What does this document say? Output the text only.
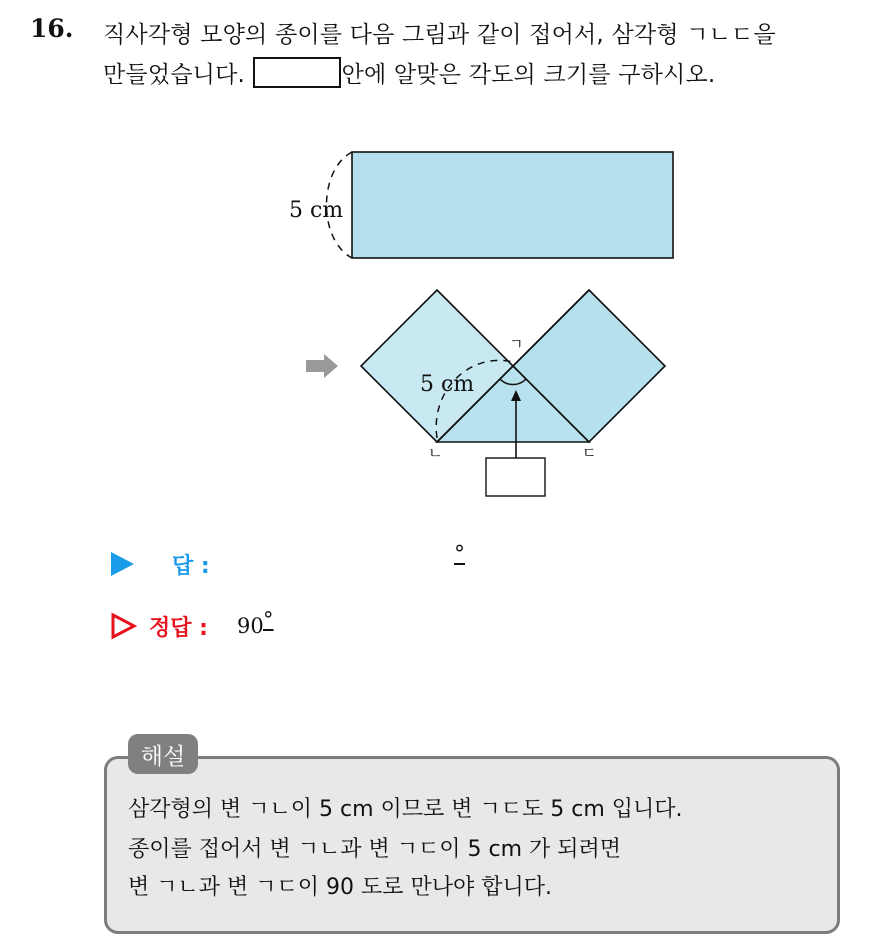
16. 직사각형 모양의 종이를 다음 그림과 같이 접어서, 삼각형 ㄱㄴㄷ을
만들었습니다.	안에 알맞은 각도의 크기를 구하시오.
5 cm
5 cm
ㄱ
ㄴ	ㄷ
답 :	°
정답 : 90 °
해설
삼각형의 변 ㄱㄴ이 5 cm 이므로 변 ㄱㄷ도 5 cm 입니다.
종이를 접어서 변 ㄱㄴ과 변 ㄱㄷ이 5 cm 가 되려면
변 ㄱㄴ과 변 ㄱㄷ이 90 도로 만나야 합니다.
